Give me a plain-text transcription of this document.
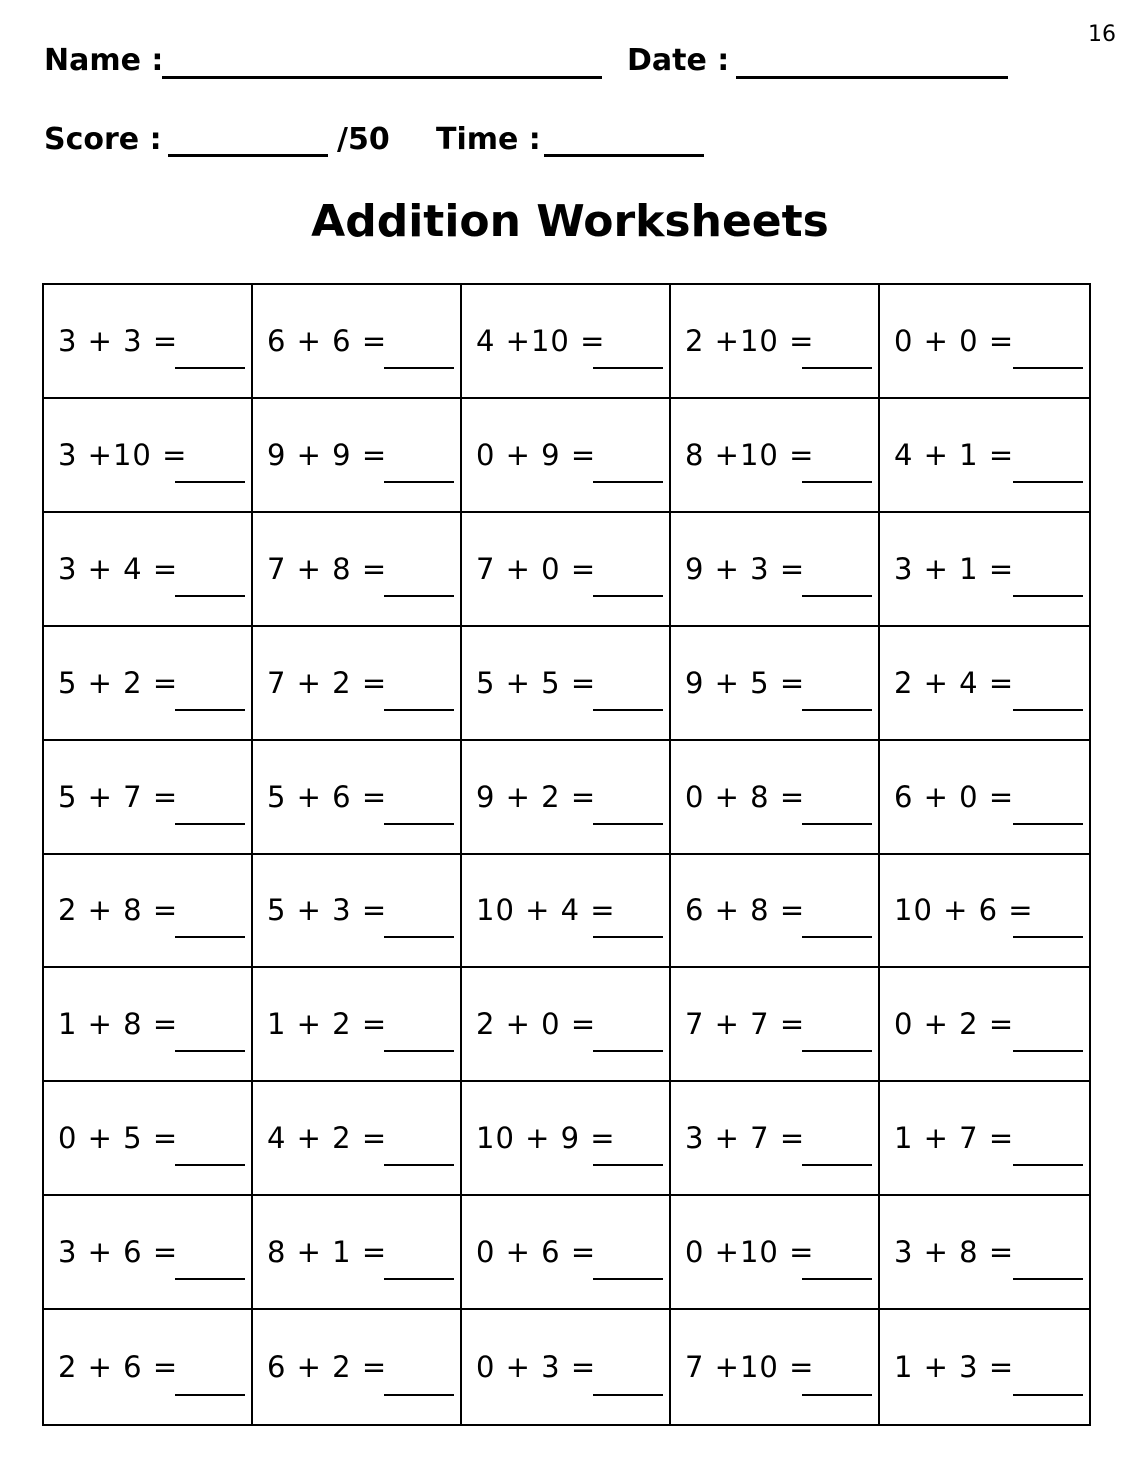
16
Name :	Date :
Score :	/50 Time :
Addition Worksheets
3 + 3 =	6 + 6 =	4 +10 =	2 +10 =	0 + 0 =
3 +10 =	9 + 9 =	0 + 9 =	8 +10 =	4 + 1 =
3 + 4 =	7 + 8 =	7 + 0 =	9 + 3 =	3 + 1 =
5 + 2 =	7 + 2 =	5 + 5 =	9 + 5 =	2 + 4 =
5 + 7 =	5 + 6 =	9 + 2 =	0 + 8 =	6 + 0 =
2 + 8 =	5 + 3 =	10 + 4 = 6 + 8 =	10 + 6 =
1 + 8 =	1 + 2 =	2 + 0 =	7 + 7 =	0 + 2 =
0 + 5 =	4 + 2 =	10 + 9 = 3 + 7 =	1 + 7 =
3 + 6 =	8 + 1 =	0 + 6 =	0 +10 =	3 + 8 =
2 + 6 =	6 + 2 =	0 + 3 =	7 +10 =	1 + 3 =
